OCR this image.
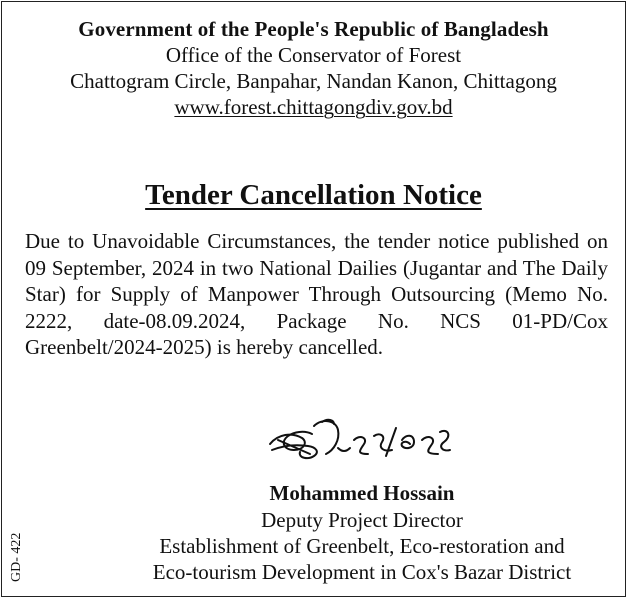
Government of the People's Republic of Bangladesh
Office of the Conservator of Forest
Chattogram Circle, Banpahar, Nandan Kanon, Chittagong
www.forest.chittagongdiv.gov.bd
Tender Cancellation Notice
Due to Unavoidable Circumstances, the tender notice published on 09 September, 2024 in two National Dailies (Jugantar and The Daily Star) for Supply of Manpower Through Outsourcing (Memo No. 2222, date-08.09.2024, Package No. NCS 01-PD/Cox Greenbelt/2024-2025) is hereby cancelled.
Mohammed Hossain
Deputy Project Director
Establishment of Greenbelt, Eco-restoration and
Eco-tourism Development in Cox's Bazar District
GD- 422
